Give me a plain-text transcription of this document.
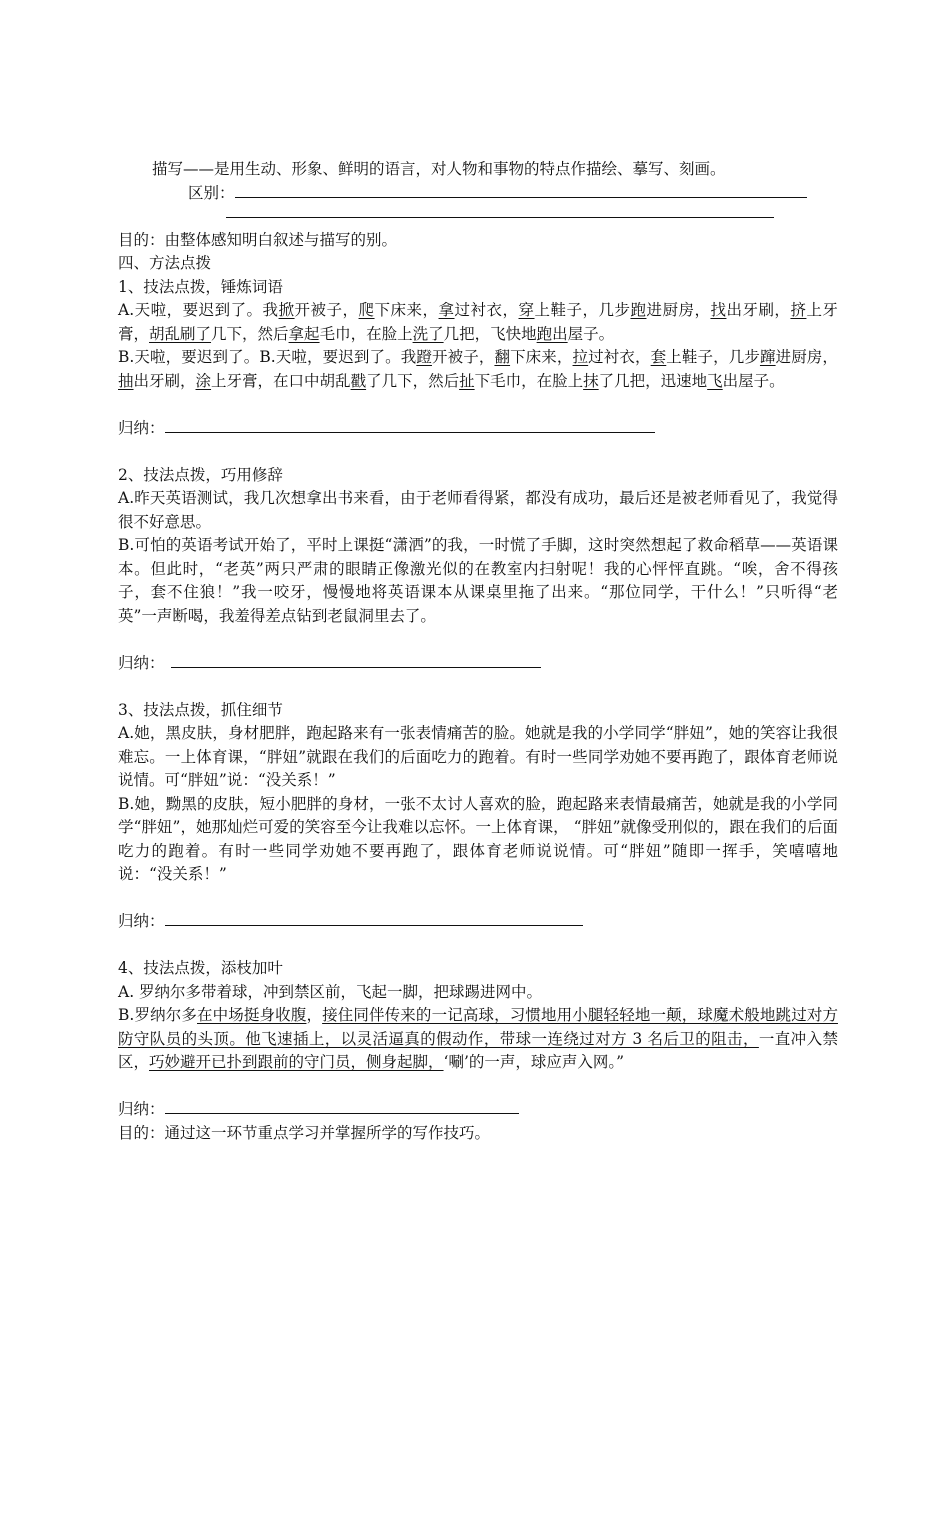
描写——是用生动、形象、鲜明的语言，对人物和事物的特点作描绘、摹写、刻画。
区别：
目的：由整体感知明白叙述与描写的别。
四、方法点拨
1、技法点拨，锤炼词语
A.天啦，要迟到了。我掀开被子，爬下床来，拿过衬衣，穿上鞋子，几步跑进厨房，找出牙刷，挤上牙膏，胡乱刷了几下，然后拿起毛巾，在脸上洗了几把，飞快地跑出屋子。
B.天啦，要迟到了。B.天啦，要迟到了。我蹬开被子，翻下床来，拉过衬衣，套上鞋子，几步蹿进厨房，抽出牙刷，涂上牙膏，在口中胡乱戳了几下，然后扯下毛巾，在脸上抹了几把，迅速地飞出屋子。
归纳：
2、技法点拨，巧用修辞
A.昨天英语测试，我几次想拿出书来看，由于老师看得紧，都没有成功，最后还是被老师看见了，我觉得很不好意思。
B.可怕的英语考试开始了，平时上课挺“潇洒”的我，一时慌了手脚，这时突然想起了救命稻草——英语课本。但此时，“老英”两只严肃的眼睛正像激光似的在教室内扫射呢！我的心怦怦直跳。“唉，舍不得孩子，套不住狼！”我一咬牙，慢慢地将英语课本从课桌里拖了出来。“那位同学，干什么！”只听得“老英”一声断喝，我羞得差点钻到老鼠洞里去了。
归纳：
3、技法点拨，抓住细节
A.她，黑皮肤，身材肥胖，跑起路来有一张表情痛苦的脸。她就是我的小学同学“胖妞”，她的笑容让我很难忘。一上体育课，“胖妞”就跟在我们的后面吃力的跑着。有时一些同学劝她不要再跑了，跟体育老师说说情。可“胖妞”说：“没关系！”
B.她，黝黑的皮肤，短小肥胖的身材，一张不太讨人喜欢的脸，跑起路来表情最痛苦，她就是我的小学同学“胖妞”，她那灿烂可爱的笑容至今让我难以忘怀。一上体育课， “胖妞”就像受刑似的，跟在我们的后面吃力的跑着。有时一些同学劝她不要再跑了，跟体育老师说说情。可“胖妞”随即一挥手，笑嘻嘻地说：“没关系！”
归纳：
4、技法点拨，添枝加叶
A. 罗纳尔多带着球，冲到禁区前，飞起一脚，把球踢进网中。
B.罗纳尔多在中场挺身收腹，接住同伴传来的一记高球，习惯地用小腿轻轻地一颠，球魔术般地跳过对方防守队员的头顶。他飞速插上，以灵活逼真的假动作，带球一连绕过对方 3 名后卫的阻击，一直冲入禁区，巧妙避开已扑到跟前的守门员，侧身起脚，‘唰’的一声，球应声入网。”
归纳：
目的：通过这一环节重点学习并掌握所学的写作技巧。
